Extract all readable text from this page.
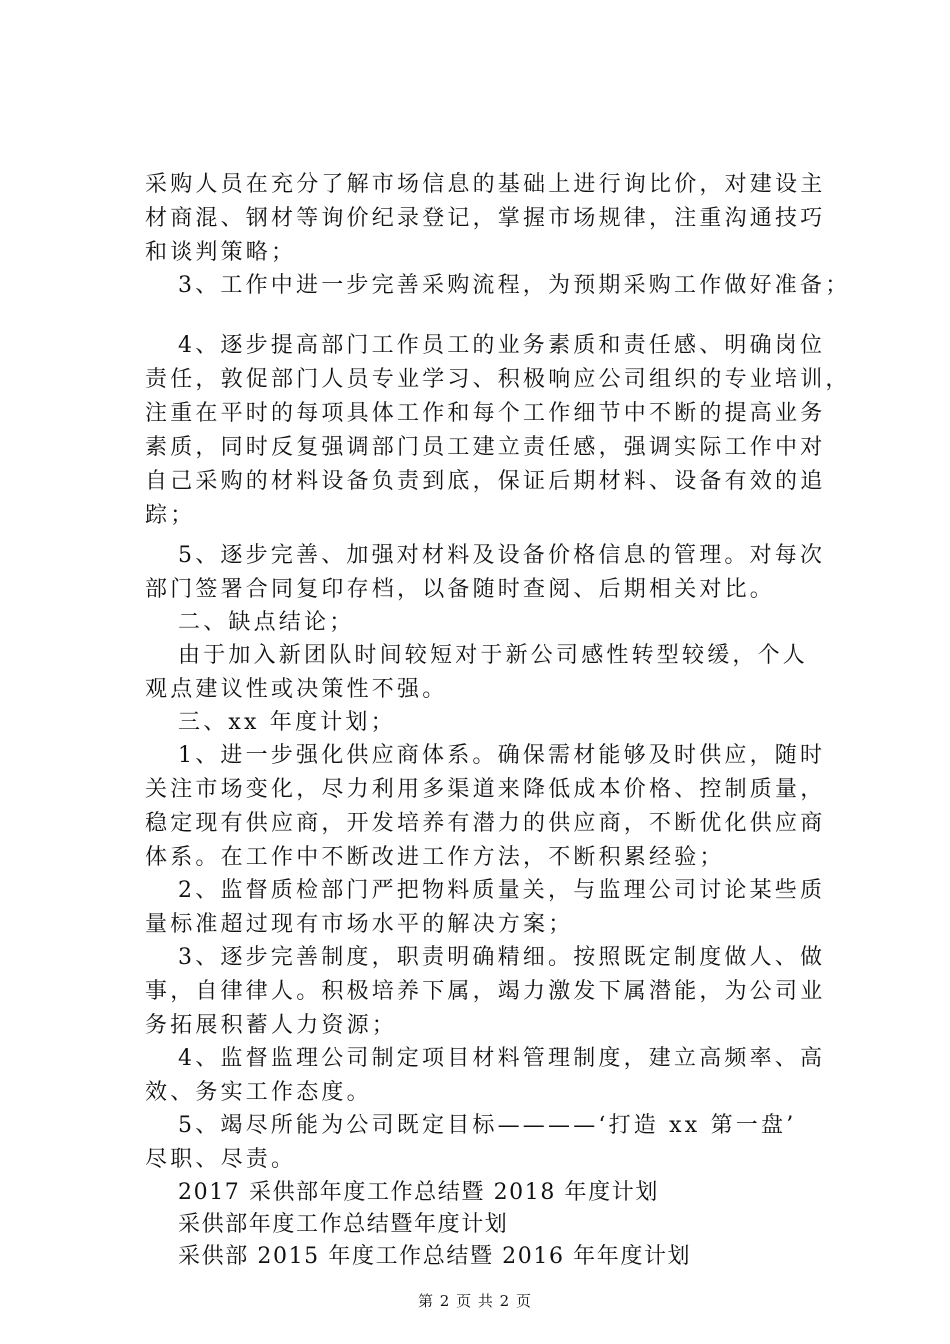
采购人员在充分了解市场信息的基础上进行询比价，对建设主
材商混、钢材等询价纪录登记，掌握市场规律，注重沟通技巧
和谈判策略；
3、工作中进一步完善采购流程，为预期采购工作做好准备；
4、逐步提高部门工作员工的业务素质和责任感、明确岗位
责任，敦促部门人员专业学习、积极响应公司组织的专业培训，
注重在平时的每项具体工作和每个工作细节中不断的提高业务
素质，同时反复强调部门员工建立责任感，强调实际工作中对
自己采购的材料设备负责到底，保证后期材料、设备有效的追
踪；
5、逐步完善、加强对材料及设备价格信息的管理。对每次
部门签署合同复印存档，以备随时查阅、后期相关对比。
二、缺点结论；
由于加入新团队时间较短对于新公司感性转型较缓，个人
观点建议性或决策性不强。
三、xx 年度计划；
1、进一步强化供应商体系。确保需材能够及时供应，随时
关注市场变化，尽力利用多渠道来降低成本价格、控制质量，
稳定现有供应商，开发培养有潜力的供应商，不断优化供应商
体系。在工作中不断改进工作方法，不断积累经验；
2、监督质检部门严把物料质量关，与监理公司讨论某些质
量标准超过现有市场水平的解决方案；
3、逐步完善制度，职责明确精细。按照既定制度做人、做
事，自律律人。积极培养下属，竭力激发下属潜能，为公司业
务拓展积蓄人力资源；
4、监督监理公司制定项目材料管理制度，建立高频率、高
效、务实工作态度。
5、竭尽所能为公司既定目标————‘打造 xx 第一盘’
尽职、尽责。
2017 采供部年度工作总结暨 2018 年度计划
采供部年度工作总结暨年度计划
采供部 2015 年度工作总结暨 2016 年年度计划
第 2 页 共 2 页
